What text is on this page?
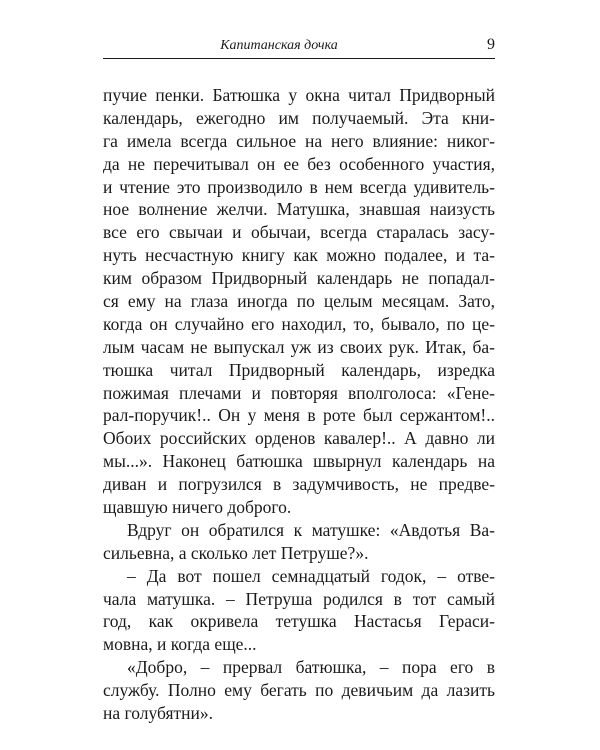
Капитанская дочка	9
пучие пенки. Батюшка у окна читал Придворный
календарь, ежегодно им получаемый. Эта кни-
га имела всегда сильное на него влияние: никог-
да не перечитывал он ее без особенного участия,
и чтение это производило в нем всегда удивитель-
ное волнение желчи. Матушка, знавшая наизусть
все его свычаи и обычаи, всегда старалась засу-
нуть несчастную книгу как можно подалее, и та-
ким образом Придворный календарь не попадал-
ся ему на глаза иногда по целым месяцам. Зато,
когда он случайно его находил, то, бывало, по це-
лым часам не выпускал уж из своих рук. Итак, ба-
тюшка читал Придворный календарь, изредка
пожимая плечами и повторяя вполголоса: «Гене-
рал-поручик!.. Он у меня в роте был сержантом!..
Обоих российских орденов кавалер!.. А давно ли
мы...». Наконец батюшка швырнул календарь на
диван и погрузился в задумчивость, не предве-
щавшую ничего доброго.
Вдруг он обратился к матушке: «Авдотья Ва-
сильевна, а сколько лет Петруше?».
– Да вот пошел семнадцатый годок, – отве-
чала матушка. – Петруша родился в тот самый
год, как окривела тетушка Настасья Гераси-
мовна, и когда еще...
«Добро, – прервал батюшка, – пора его в
службу. Полно ему бегать по девичьим да лазить
на голубятни».
